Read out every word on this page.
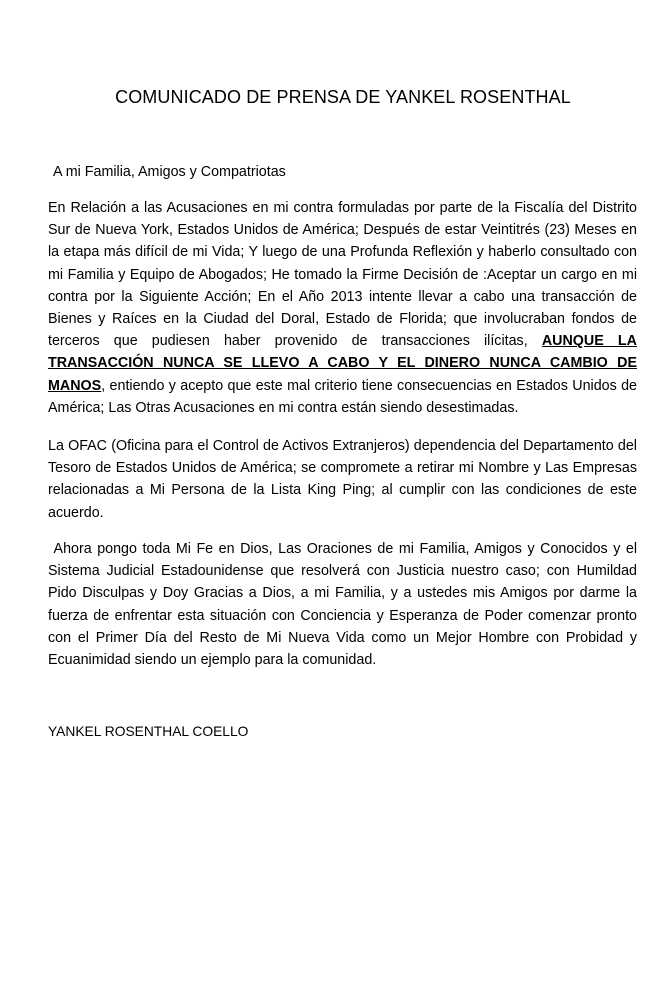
COMUNICADO DE PRENSA DE YANKEL ROSENTHAL

A mi Familia, Amigos y Compatriotas

En Relación a las Acusaciones en mi contra formuladas por parte de la Fiscalía del Distrito Sur de Nueva York, Estados Unidos de América; Después de estar Veintitrés (23) Meses en la etapa más difícil de mi Vida; Y luego de una Profunda Reflexión y haberlo consultado con mi Familia y Equipo de Abogados; He tomado la Firme Decisión de :Aceptar un cargo en mi contra por la Siguiente Acción; En el Año 2013 intente llevar a cabo una transacción de Bienes y Raíces en la Ciudad del Doral, Estado de Florida; que involucraban fondos de terceros que pudiesen haber provenido de transacciones ilícitas, AUNQUE LA TRANSACCIÓN NUNCA SE LLEVO A CABO Y EL DINERO NUNCA CAMBIO DE MANOS, entiendo y acepto que este mal criterio tiene consecuencias en Estados Unidos de América; Las Otras Acusaciones en mi contra están siendo desestimadas.

La OFAC (Oficina para el Control de Activos Extranjeros) dependencia del Departamento del Tesoro de Estados Unidos de América; se compromete a retirar mi Nombre y Las Empresas relacionadas a Mi Persona de la Lista King Ping; al cumplir con las condiciones de este acuerdo.

Ahora pongo toda Mi Fe en Dios, Las Oraciones de mi Familia, Amigos y Conocidos y el Sistema Judicial Estadounidense que resolverá con Justicia nuestro caso; con Humildad Pido Disculpas y Doy Gracias a Dios, a mi Familia, y a ustedes mis Amigos por darme la fuerza de enfrentar esta situación con Conciencia y Esperanza de Poder comenzar pronto con el Primer Día del Resto de Mi Nueva Vida como un Mejor Hombre con Probidad y Ecuanimidad siendo un ejemplo para la comunidad.

YANKEL ROSENTHAL COELLO
